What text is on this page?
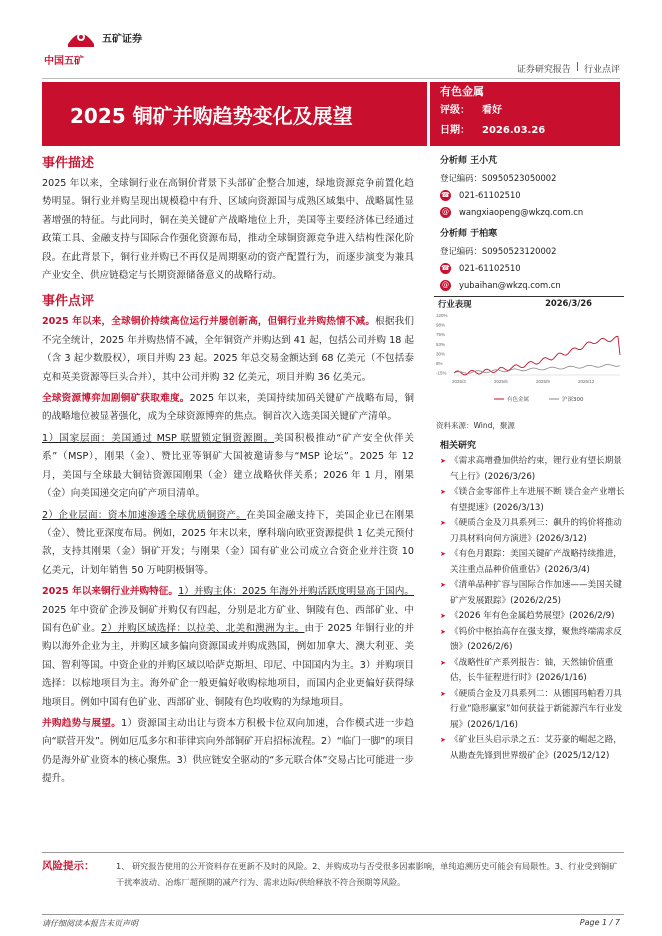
五矿证券
中国五矿
证券研究报告 | 行业点评
2025 铜矿并购趋势变化及展望
有色金属
评级： 看好
日期： 2026.03.26
事件描述

2025 年以来，全球铜行业在高铜价背景下头部矿企整合加速，绿地资源竞争前置化趋势明显。铜行业并购呈现出规模稳中有升、区域向资源国与成熟区域集中、战略属性显著增强的特征。与此同时，铜在美关键矿产战略地位上升，美国等主要经济体已经通过政策工具、金融支持与国际合作强化资源布局，推动全球铜资源竞争进入结构性深化阶段。在此背景下，铜行业并购已不再仅是周期驱动的资产配置行为，而逐步演变为兼具产业安全、供应链稳定与长期资源储备意义的战略行动。

事件点评

2025 年以来，全球铜价持续高位运行并屡创新高，但铜行业并购热情不减。根据我们不完全统计，2025 年并购热情不减，全年铜资产并购达到 41 起，包括公司并购 18 起（含 3 起少数股权），项目并购 23 起。2025 年总交易金额达到 68 亿美元（不包括泰克和英美资源等巨头合并），其中公司并购 32 亿美元，项目并购 36 亿美元。

全球资源博弈加剧铜矿获取难度。2025 年以来，美国持续加码关键矿产战略布局，铜的战略地位被显著强化，成为全球资源博弈的焦点。铜首次入选美国关键矿产清单。

1）国家层面：美国通过 MSP 联盟锁定铜资源圈。美国积极推动“矿产安全伙伴关系”（MSP），刚果（金）、赞比亚等铜矿大国被邀请参与“MSP 论坛”。2025 年 12 月，美国与全球最大铜钴资源国刚果（金）建立战略伙伴关系；2026 年 1 月，刚果（金）向美国递交定向矿产项目清单。

2）企业层面：资本加速渗透全球优质铜资产。在美国金融支持下，美国企业已在刚果（金）、赞比亚深度布局。例如，2025 年末以来，摩科瑞向欧亚资源提供 1 亿美元预付款，支持其刚果（金）铜矿开发；与刚果（金）国有矿业公司成立合资企业并注资 10 亿美元，计划年销售 50 万吨阴极铜等。

2025 年以来铜行业并购特征。1）并购主体：2025 年海外并购活跃度明显高于国内。2025 年中资矿企涉及铜矿并购仅有四起，分别是北方矿业、铜陵有色、西部矿业、中国有色矿业。2）并购区域选择：以拉美、北美和澳洲为主。由于 2025 年铜行业的并购以海外企业为主，并购区域多偏向资源国或并购成熟国，例如加拿大、澳大利亚、美国、智利等国。中资企业的并购区域以哈萨克斯坦、印尼、中国国内为主。3）并购项目选择：以棕地项目为主。海外矿企一般更偏好收购棕地项目，而国内企业更偏好获得绿地项目。例如中国有色矿业、西部矿业、铜陵有色均收购的为绿地项目。

并购趋势与展望。1）资源国主动出让与资本方积极卡位双向加速，合作模式进一步趋向“联营开发”。例如厄瓜多尔和菲律宾向外部铜矿开启招标流程。2）“临门一脚”的项目仍是海外矿业资本的核心聚焦。3）供应链安全驱动的“多元联合体”交易占比可能进一步提升。

分析师 王小芃
登记编码：S0950523050002
☎ 021-61102510
@ wangxiaopeng@wkzq.com.cn
分析师 于柏寒
登记编码：S0950523120002
☎ 021-61102510
@ yubaihan@wkzq.com.cn
行业表现	2026/3/26
120%
98%
75%
53%
30%
8%
-15%
2025/3	2025/6	2025/9	2025/12
有色金属	沪深300
资料来源：Wind，聚源
相关研究
➤ 《需求高增叠加供给约束，锂行业有望长期景气上行》(2026/3/26)
➤ 《镁合金零部件上车进展不断 镁合金产业增长有望提速》(2026/3/13)
➤ 《硬质合金及刀具系列三：飙升的钨价将推动刀具材料向何方演进》(2026/3/12)
➤ 《有色月跟踪：美国关键矿产战略持续推进，关注重点品种价值重估》(2026/3/4)
➤ 《清单品种扩容与国际合作加速——美国关键矿产发展跟踪》(2026/2/25)
➤ 《2026 年有色金属趋势展望》(2026/2/9)
➤ 《钨价中枢抬高存在强支撑，聚焦终端需求反馈》(2026/2/6)
➤ 《战略性矿产系列报告：铀，天然铀价值重估，长牛征程进行时》(2026/1/16)
➤ 《硬质合金及刀具系列二：从德国玛帕看刀具行业“隐形赢家”如何获益于新能源汽车行业发展》(2026/1/16)
➤ 《矿业巨头启示录之五：艾芬豪的崛起之路，从勘查先锋到世界级矿企》(2025/12/12)
风险提示：	1、 研究报告使用的公开资料存在更新不及时的风险。2、并购成功与否受很多因素影响，单纯追溯历史可能会有局限性。3、行业受到铜矿干扰率波动、冶炼厂超预期的减产行为、需求边际/供给释放不符合预期等风险。
请仔细阅读本报告末页声明	Page 1 / 7
